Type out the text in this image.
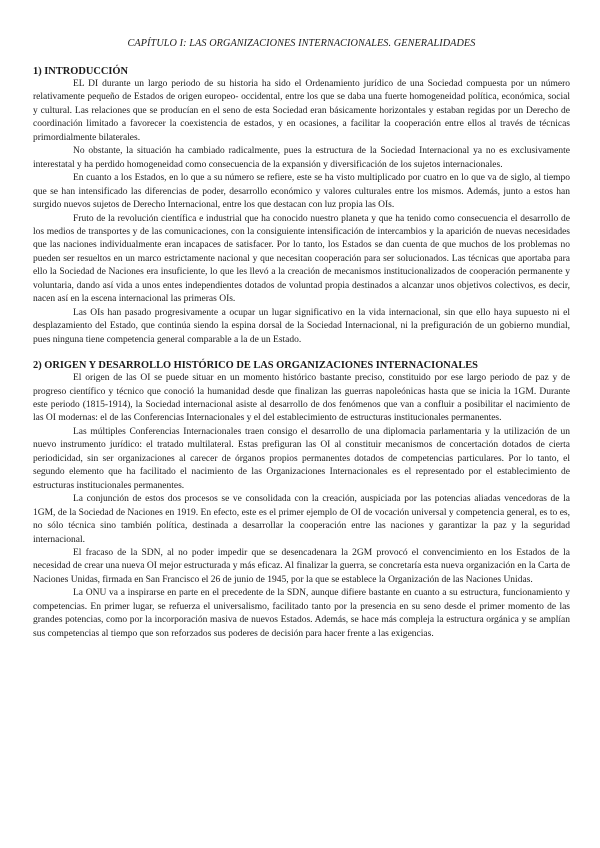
CAPÍTULO I: LAS ORGANIZACIONES INTERNACIONALES. GENERALIDADES
1) INTRODUCCIÓN

EL DI durante un largo periodo de su historia ha sido el Ordenamiento jurídico de una Sociedad compuesta por un número relativamente pequeño de Estados de origen europeo- occidental, entre los que se daba una fuerte homogeneidad política, económica, social y cultural. Las relaciones que se producían en el seno de esta Sociedad eran básicamente horizontales y estaban regidas por un Derecho de coordinación limitado a favorecer la coexistencia de estados, y en ocasiones, a facilitar la cooperación entre ellos al través de técnicas primordialmente bilaterales.

No obstante, la situación ha cambiado radicalmente, pues la estructura de la Sociedad Internacional ya no es exclusivamente interestatal y ha perdido homogeneidad como consecuencia de la expansión y diversificación de los sujetos internacionales.

En cuanto a los Estados, en lo que a su número se refiere, este se ha visto multiplicado por cuatro en lo que va de siglo, al tiempo que se han intensificado las diferencias de poder, desarrollo económico y valores culturales entre los mismos. Además, junto a estos han surgido nuevos sujetos de Derecho Internacional, entre los que destacan con luz propia las OIs.

Fruto de la revolución científica e industrial que ha conocido nuestro planeta y que ha tenido como consecuencia el desarrollo de los medios de transportes y de las comunicaciones, con la consiguiente intensificación de intercambios y la aparición de nuevas necesidades que las naciones individualmente eran incapaces de satisfacer. Por lo tanto, los Estados se dan cuenta de que muchos de los problemas no pueden ser resueltos en un marco estrictamente nacional y que necesitan cooperación para ser solucionados. Las técnicas que aportaba para ello la Sociedad de Naciones era insuficiente, lo que les llevó a la creación de mecanismos institucionalizados de cooperación permanente y voluntaria, dando así vida a unos entes independientes dotados de voluntad propia destinados a alcanzar unos objetivos colectivos, es decir, nacen así en la escena internacional las primeras OIs.

Las OIs han pasado progresivamente a ocupar un lugar significativo en la vida internacional, sin que ello haya supuesto ni el desplazamiento del Estado, que continúa siendo la espina dorsal de la Sociedad Internacional, ni la prefiguración de un gobierno mundial, pues ninguna tiene competencia general comparable a la de un Estado.

2) ORIGEN Y DESARROLLO HISTÓRICO DE LAS ORGANIZACIONES INTERNACIONALES

El origen de las OI se puede situar en un momento histórico bastante preciso, constituido por ese largo periodo de paz y de progreso científico y técnico que conoció la humanidad desde que finalizan las guerras napoleónicas hasta que se inicia la 1GM. Durante este periodo (1815-1914), la Sociedad internacional asiste al desarrollo de dos fenómenos que van a confluir a posibilitar el nacimiento de las OI modernas: el de las Conferencias Internacionales y el del establecimiento de estructuras institucionales permanentes.

Las múltiples Conferencias Internacionales traen consigo el desarrollo de una diplomacia parlamentaria y la utilización de un nuevo instrumento jurídico: el tratado multilateral. Estas prefiguran las OI al constituir mecanismos de concertación dotados de cierta periodicidad, sin ser organizaciones al carecer de órganos propios permanentes dotados de competencias particulares. Por lo tanto, el segundo elemento que ha facilitado el nacimiento de las Organizaciones Internacionales es el representado por el establecimiento de estructuras institucionales permanentes.

La conjunción de estos dos procesos se ve consolidada con la creación, auspiciada por las potencias aliadas vencedoras de la 1GM, de la Sociedad de Naciones en 1919. En efecto, este es el primer ejemplo de OI de vocación universal y competencia general, es to es, no sólo técnica sino también política, destinada a desarrollar la cooperación entre las naciones y garantizar la paz y la seguridad internacional.

El fracaso de la SDN, al no poder impedir que se desencadenara la 2GM provocó el convencimiento en los Estados de la necesidad de crear una nueva OI mejor estructurada y más eficaz. Al finalizar la guerra, se concretaría esta nueva organización en la Carta de Naciones Unidas, firmada en San Francisco el 26 de junio de 1945, por la que se establece la Organización de las Naciones Unidas.

La ONU va a inspirarse en parte en el precedente de la SDN, aunque difiere bastante en cuanto a su estructura, funcionamiento y competencias. En primer lugar, se refuerza el universalismo, facilitado tanto por la presencia en su seno desde el primer momento de las grandes potencias, como por la incorporación masiva de nuevos Estados. Además, se hace más compleja la estructura orgánica y se amplían sus competencias al tiempo que son reforzados sus poderes de decisión para hacer frente a las exigencias.
